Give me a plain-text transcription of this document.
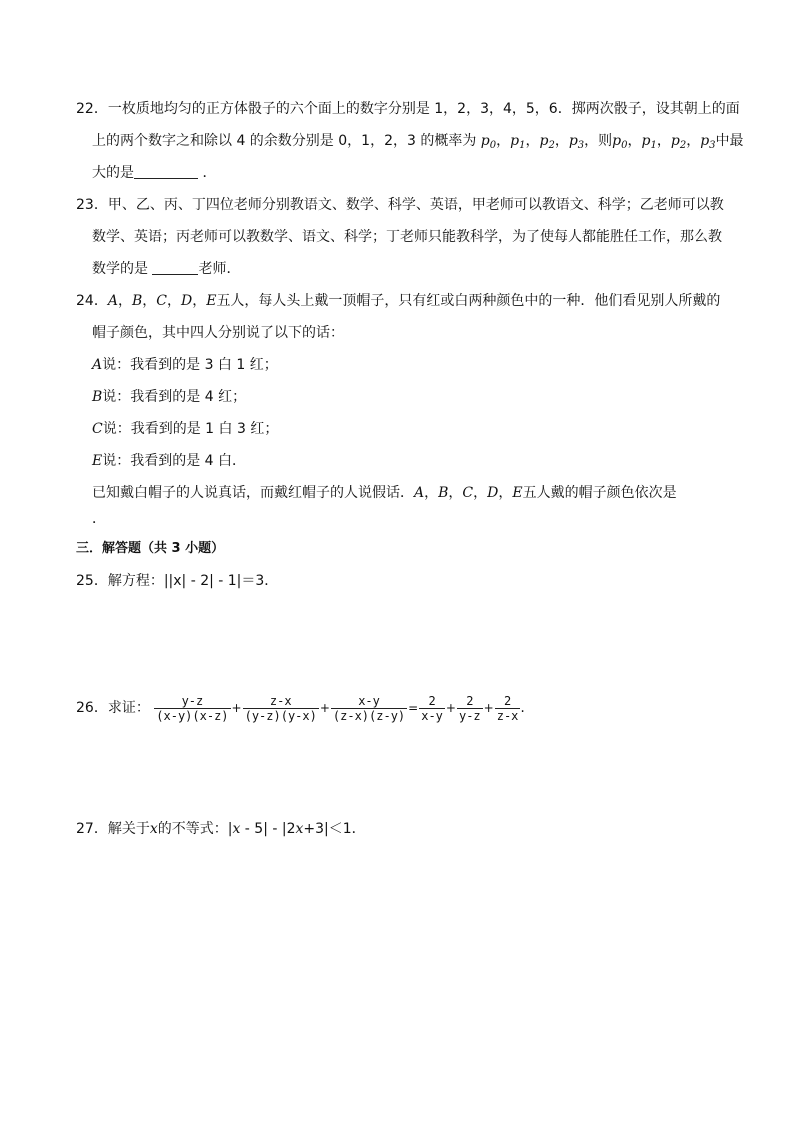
22．一枚质地均匀的正方体骰子的六个面上的数字分别是 1，2，3，4，5，6．掷两次骰子，设其朝上的面
上的两个数字之和除以 4 的余数分别是 0，1，2，3 的概率为 $p_0$，$p_1$，$p_2$，$p_3$，则$p_0$，$p_1$，$p_2$，$p_3$中最
大的是	．
23．甲、乙、丙、丁四位老师分别教语文、数学、科学、英语，甲老师可以教语文、科学；乙老师可以教
数学、英语；丙老师可以教数学、语文、科学；丁老师只能教科学，为了使每人都能胜任工作，那么教
数学的是	老师．
24．A，B，C，D，E五人，每人头上戴一顶帽子，只有红或白两种颜色中的一种．他们看见别人所戴的
帽子颜色，其中四人分别说了以下的话：
A说：我看到的是 3 白 1 红；
B说：我看到的是 4 红；
C说：我看到的是 1 白 3 红；
E说：我看到的是 4 白．
已知戴白帽子的人说真话，而戴红帽子的人说假话．A，B，C，D，E五人戴的帽子颜色依次是
．
三．解答题（共 3 小题）
25．解方程：||x| - 2| - 1|＝3．
26．求证： $\frac{y-z}{(x-y)(x-z)} + \frac{z-x}{(y-z)(y-x)} + \frac{x-y}{(z-x)(z-y)} = \frac{2}{x-y} + \frac{2}{y-z} + \frac{2}{z-x}$ .
27．解关于x的不等式：|x - 5| - |2x+3|＜1．
